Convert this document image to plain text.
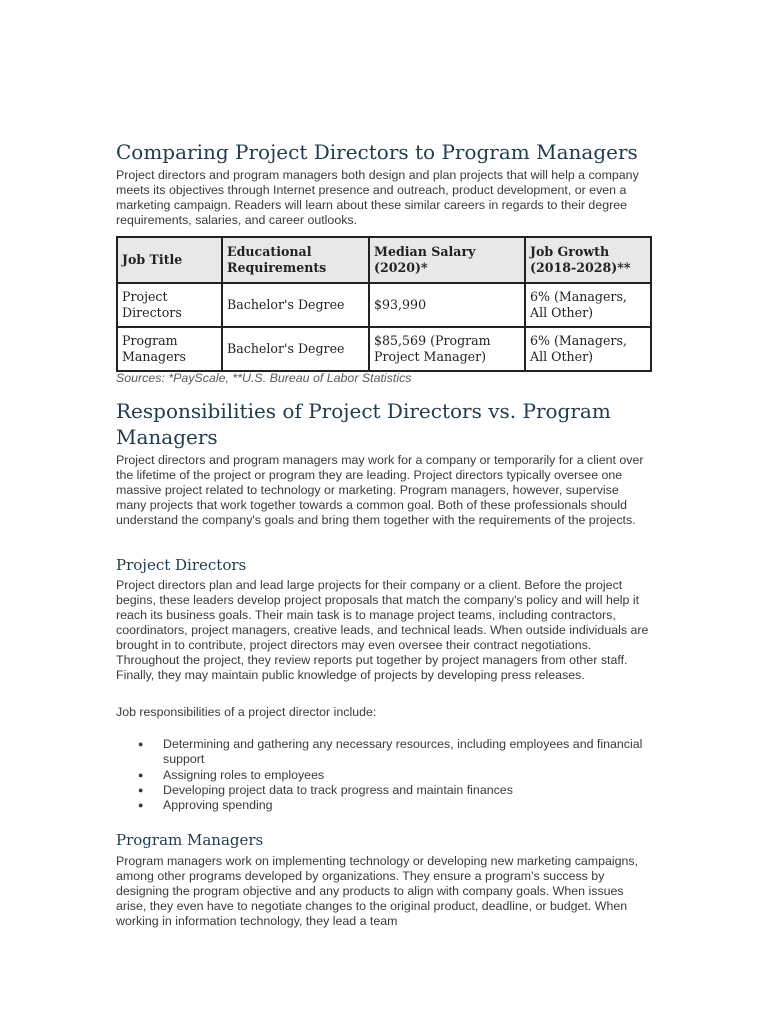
Comparing Project Directors to Program Managers

Project directors and program managers both design and plan projects that will help a company meets its objectives through Internet presence and outreach, product development, or even a marketing campaign. Readers will learn about these similar careers in regards to their degree requirements, salaries, and career outlooks.

Job Title	Educational Requirements	Median Salary (2020)*	Job Growth (2018-2028)**
Project Directors	Bachelor's Degree	$93,990	6% (Managers, All Other)
Program Managers	Bachelor's Degree	$85,569 (Program Project Manager)	6% (Managers, All Other)

Sources: *PayScale, **U.S. Bureau of Labor Statistics

Responsibilities of Project Directors vs. Program Managers

Project directors and program managers may work for a company or temporarily for a client over the lifetime of the project or program they are leading. Project directors typically oversee one massive project related to technology or marketing. Program managers, however, supervise many projects that work together towards a common goal. Both of these professionals should understand the company's goals and bring them together with the requirements of the projects.

Project Directors

Project directors plan and lead large projects for their company or a client. Before the project begins, these leaders develop project proposals that match the company's policy and will help it reach its business goals. Their main task is to manage project teams, including contractors, coordinators, project managers, creative leads, and technical leads. When outside individuals are brought in to contribute, project directors may even oversee their contract negotiations. Throughout the project, they review reports put together by project managers from other staff. Finally, they may maintain public knowledge of projects by developing press releases.

Job responsibilities of a project director include:

● Determining and gathering any necessary resources, including employees and financial support
● Assigning roles to employees
● Developing project data to track progress and maintain finances
● Approving spending
Program Managers

Program managers work on implementing technology or developing new marketing campaigns, among other programs developed by organizations. They ensure a program's success by designing the program objective and any products to align with company goals. When issues arise, they even have to negotiate changes to the original product, deadline, or budget. When working in information technology, they lead a team
